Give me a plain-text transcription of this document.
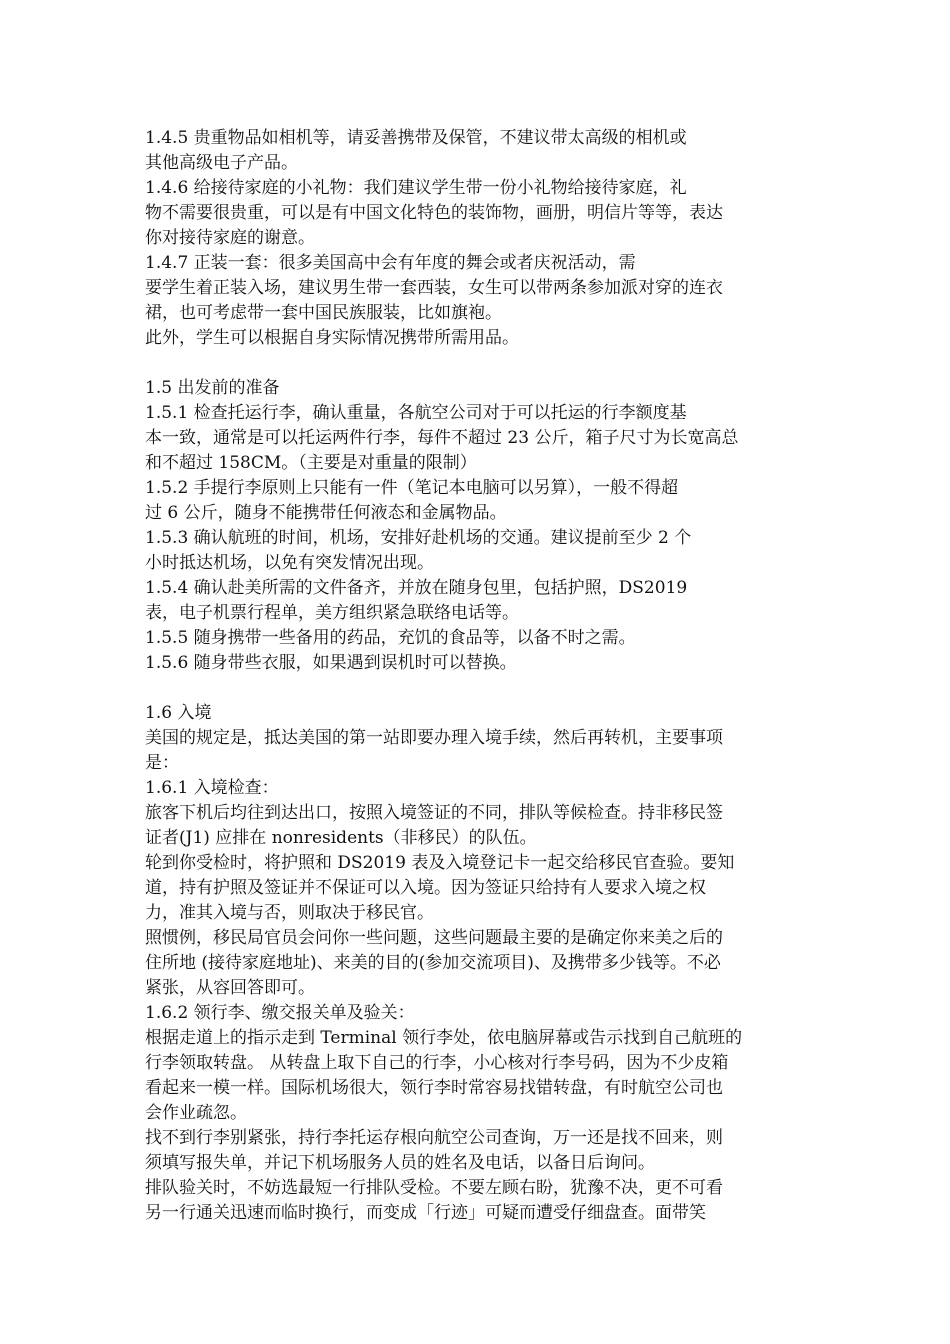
1.4.5 贵重物品如相机等，请妥善携带及保管，不建议带太高级的相机或
其他高级电子产品。
1.4.6 给接待家庭的小礼物：我们建议学生带一份小礼物给接待家庭，礼
物不需要很贵重，可以是有中国文化特色的装饰物，画册，明信片等等，表达
你对接待家庭的谢意。
1.4.7 正装一套：很多美国高中会有年度的舞会或者庆祝活动，需
要学生着正装入场，建议男生带一套西装，女生可以带两条参加派对穿的连衣
裙，也可考虑带一套中国民族服装，比如旗袍。
此外，学生可以根据自身实际情况携带所需用品。
1.5 出发前的准备
1.5.1 检查托运行李，确认重量，各航空公司对于可以托运的行李额度基
本一致，通常是可以托运两件行李，每件不超过 23 公斤，箱子尺寸为长宽高总
和不超过 158CM。（主要是对重量的限制）
1.5.2 手提行李原则上只能有一件（笔记本电脑可以另算），一般不得超
过 6 公斤，随身不能携带任何液态和金属物品。
1.5.3 确认航班的时间，机场，安排好赴机场的交通。建议提前至少 2 个
小时抵达机场，以免有突发情况出现。
1.5.4 确认赴美所需的文件备齐，并放在随身包里，包括护照，DS2019
表，电子机票行程单，美方组织紧急联络电话等。
1.5.5 随身携带一些备用的药品，充饥的食品等，以备不时之需。
1.5.6 随身带些衣服，如果遇到误机时可以替换。
1.6 入境
美国的规定是，抵达美国的第一站即要办理入境手续，然后再转机，主要事项
是：
1.6.1 入境检查：
旅客下机后均往到达出口，按照入境签证的不同，排队等候检查。持非移民签
证者(J1) 应排在 nonresidents（非移民）的队伍。
轮到你受检时，将护照和 DS2019 表及入境登记卡一起交给移民官查验。要知
道，持有护照及签证并不保证可以入境。因为签证只给持有人要求入境之权
力，准其入境与否，则取决于移民官。
照惯例，移民局官员会问你一些问题，这些问题最主要的是确定你来美之后的
住所地 (接待家庭地址)、来美的目的(参加交流项目)、及携带多少钱等。不必
紧张，从容回答即可。
1.6.2 领行李、缴交报关单及验关：
根据走道上的指示走到 Terminal 领行李处，依电脑屏幕或告示找到自己航班的
行李领取转盘。 从转盘上取下自己的行李，小心核对行李号码，因为不少皮箱
看起来一模一样。国际机场很大，领行李时常容易找错转盘，有时航空公司也
会作业疏忽。
找不到行李别紧张，持行李托运存根向航空公司查询，万一还是找不回来，则
须填写报失单，并记下机场服务人员的姓名及电话，以备日后询问。
排队验关时，不妨选最短一行排队受检。不要左顾右盼，犹豫不决，更不可看
另一行通关迅速而临时换行，而变成「行迹」可疑而遭受仔细盘查。面带笑
